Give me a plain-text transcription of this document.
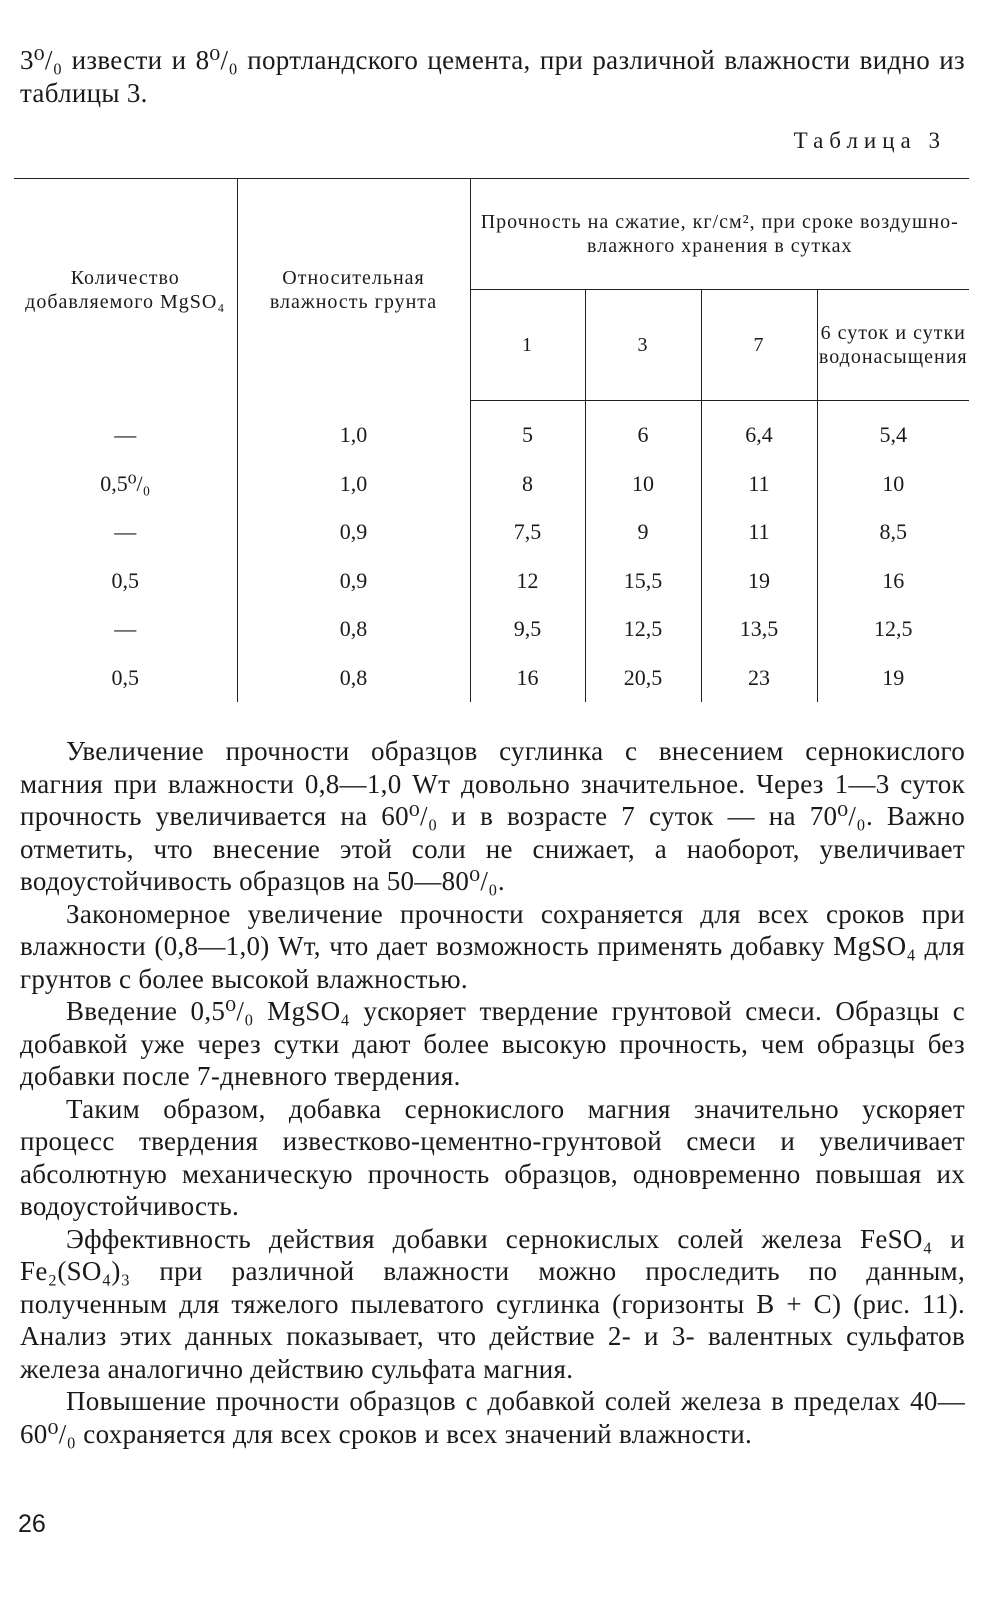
3⁰/₀ извести и 8⁰/₀ портландского цемента, при различной влажности видно из таблицы 3.
Таблица 3
Количество добавляемого MgSO₄	Относительная влажность грунта	Прочность на сжатие, кг/см², при сроке воздушно-влажного хранения в сутках			
		1	3	7	6 суток и сутки водонасыщения
—	1,0	5	6	6,4	5,4
0,5⁰/₀	1,0	8	10	11	10
—	0,9	7,5	9	11	8,5
0,5	0,9	12	15,5	19	16
—	0,8	9,5	12,5	13,5	12,5
0,5	0,8	16	20,5	23	19

Увеличение прочности образцов суглинка с внесением сернокислого магния при влажности 0,8—1,0 Wт довольно значительное. Через 1—3 суток прочность увеличивается на 60⁰/₀ и в возрасте 7 суток — на 70⁰/₀. Важно отметить, что внесение этой соли не снижает, а наоборот, увеличивает водоустойчивость образцов на 50—80⁰/₀.

Закономерное увеличение прочности сохраняется для всех сроков при влажности (0,8—1,0) Wт, что дает возможность применять добавку MgSO₄ для грунтов с более высокой влажностью.

Введение 0,5⁰/₀ MgSO₄ ускоряет твердение грунтовой смеси. Образцы с добавкой уже через сутки дают более высокую прочность, чем образцы без добавки после 7-дневного твердения.

Таким образом, добавка сернокислого магния значительно ускоряет процесс твердения известково-цементно-грунтовой смеси и увеличивает абсолютную механическую прочность образцов, одновременно повышая их водоустойчивость.

Эффективность действия добавки сернокислых солей железа FeSO₄ и Fe₂(SO₄)₃ при различной влажности можно проследить по данным, полученным для тяжелого пылеватого суглинка (горизонты B + C) (рис. 11). Анализ этих данных показывает, что действие 2- и 3- валентных сульфатов железа аналогично действию сульфата магния.

Повышение прочности образцов с добавкой солей железа в пределах 40—60⁰/₀ сохраняется для всех сроков и всех значений влажности.

26
